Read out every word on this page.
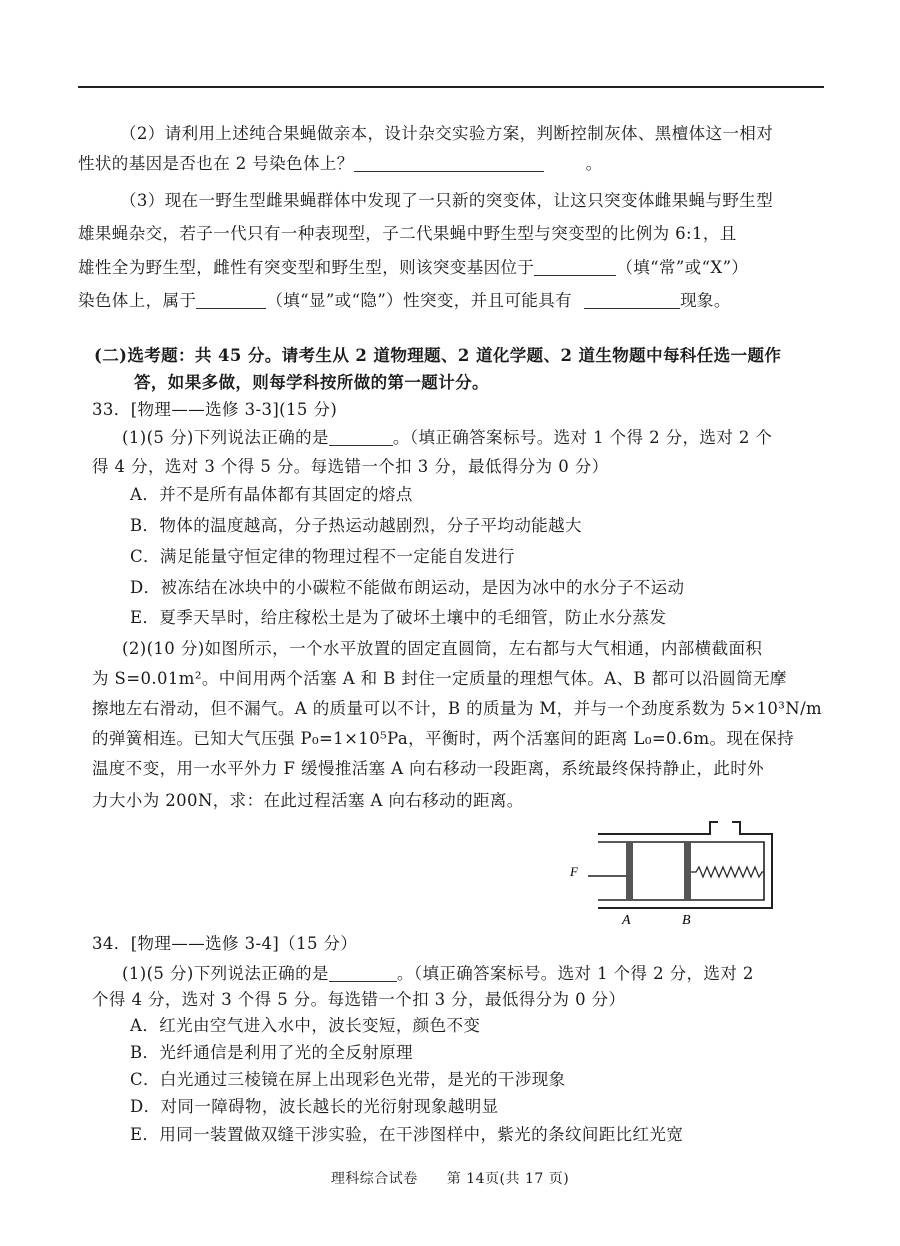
（2）请利用上述纯合果蝇做亲本，设计杂交实验方案，判断控制灰体、黑檀体这一相对
性状的基因是否也在 2 号染色体上？	。
（3）现在一野生型雌果蝇群体中发现了一只新的突变体，让这只突变体雌果蝇与野生型
雄果蝇杂交，若子一代只有一种表现型，子二代果蝇中野生型与突变型的比例为 6:1，且
雄性全为野生型，雌性有突变型和野生型，则该突变基因位于	（填“常”或“X”）
染色体上，属于	（填“显”或“隐”）性突变，并且可能具有	现象。
(二)选考题：共 45 分。请考生从 2 道物理题、2 道化学题、2 道生物题中每科任选一题作
答，如果多做，则每学科按所做的第一题计分。
33．[物理——选修 3-3](15 分)
(1)(5 分)下列说法正确的是	。（填正确答案标号。选对 1 个得 2 分，选对 2 个
得 4 分，选对 3 个得 5 分。每选错一个扣 3 分，最低得分为 0 分）
A．并不是所有晶体都有其固定的熔点
B．物体的温度越高，分子热运动越剧烈，分子平均动能越大
C．满足能量守恒定律的物理过程不一定能自发进行
D．被冻结在冰块中的小碳粒不能做布朗运动，是因为冰中的水分子不运动
E．夏季天旱时，给庄稼松土是为了破坏土壤中的毛细管，防止水分蒸发
(2)(10 分)如图所示，一个水平放置的固定直圆筒，左右都与大气相通，内部横截面积
为 S=0.01m²。中间用两个活塞 A 和 B 封住一定质量的理想气体。A、B 都可以沿圆筒无摩
擦地左右滑动，但不漏气。A 的质量可以不计，B 的质量为 M，并与一个劲度系数为 5×10³N/m
的弹簧相连。已知大气压强 P₀=1×10⁵Pa，平衡时，两个活塞间的距离 L₀=0.6m。现在保持
温度不变，用一水平外力 F 缓慢推活塞 A 向右移动一段距离，系统最终保持静止，此时外
力大小为 200N，求：在此过程活塞 A 向右移动的距离。
F
A	B
34．[物理——选修 3-4]（15 分）
(1)(5 分)下列说法正确的是	。（填正确答案标号。选对 1 个得 2 分，选对 2
个得 4 分，选对 3 个得 5 分。每选错一个扣 3 分，最低得分为 0 分）
A．红光由空气进入水中，波长变短，颜色不变
B．光纤通信是利用了光的全反射原理
C．白光通过三棱镜在屏上出现彩色光带，是光的干涉现象
D．对同一障碍物，波长越长的光衍射现象越明显
E．用同一装置做双缝干涉实验，在干涉图样中，紫光的条纹间距比红光宽
理科综合试卷 第 14页(共 17 页)
